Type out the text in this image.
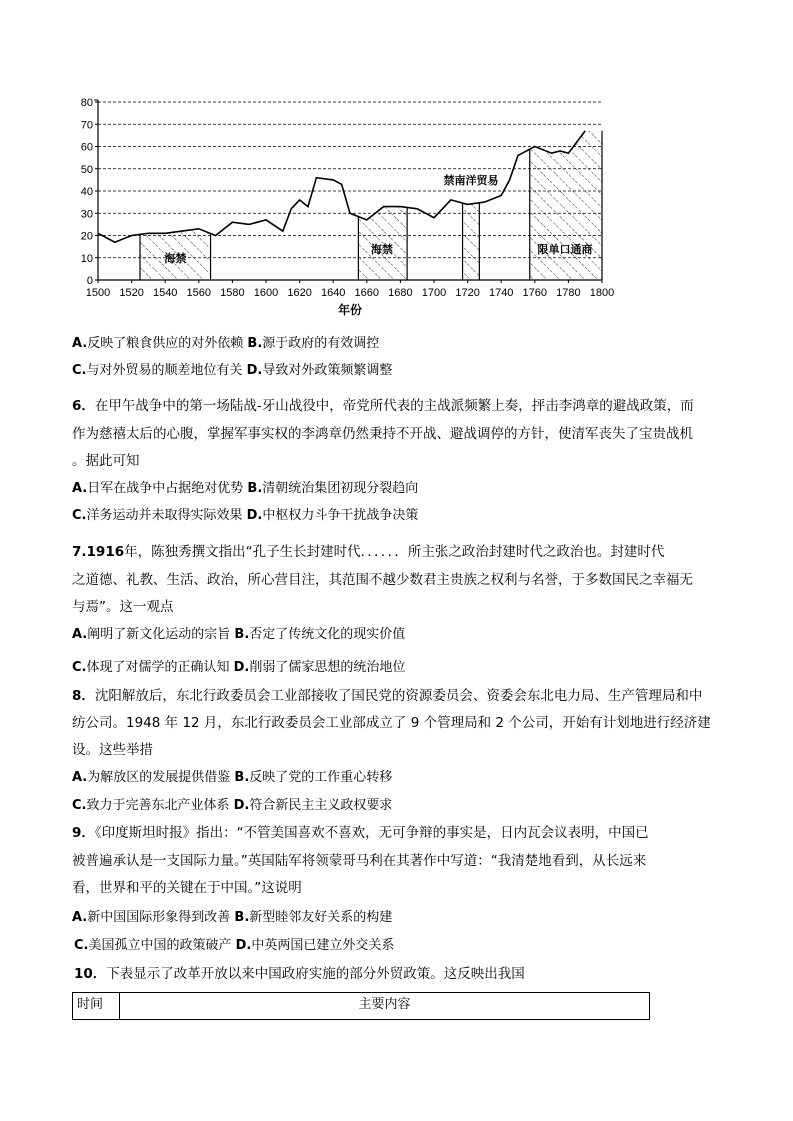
0
10
20
30
40
50
60
70
80
1500 1520 1540 1560 1580 1600 1620 1640 1660 1680 1700 1720 1740 1760 1780 1800
海禁
海禁
禁南洋贸易
限单口通商
年份
A.反映了粮食供应的对外依赖 B.源于政府的有效调控
C.与对外贸易的顺差地位有关 D.导致对外政策频繁调整
6．在甲午战争中的第一场陆战-牙山战役中，帝党所代表的主战派频繁上奏，抨击李鸿章的避战政策，而
作为慈禧太后的心腹，掌握军事实权的李鸿章仍然秉持不开战、避战调停的方针，使清军丧失了宝贵战机
。据此可知
A.日军在战争中占据绝对优势 B.清朝统治集团初现分裂趋向
C.洋务运动并未取得实际效果 D.中枢权力斗争干扰战争决策
7.1916年，陈独秀撰文指出“孔子生长封建时代．．．．．．所主张之政治封建时代之政治也。封建时代
之道德、礼教、生活、政治，所心营目注，其范围不越少数君主贵族之权利与名誉，于多数国民之幸福无
与焉”。这一观点
A.阐明了新文化运动的宗旨 B.否定了传统文化的现实价值
C.体现了对儒学的正确认知 D.削弱了儒家思想的统治地位
8．沈阳解放后，东北行政委员会工业部接收了国民党的资源委员会、资委会东北电力局、生产管理局和中
纺公司。1948 年 12 月，东北行政委员会工业部成立了 9 个管理局和 2 个公司，开始有计划地进行经济建
设。这些举措
A.为解放区的发展提供借鉴 B.反映了党的工作重心转移
C.致力于完善东北产业体系 D.符合新民主主义政权要求
9．《印度斯坦时报》指出：“不管美国喜欢不喜欢，无可争辩的事实是，日内瓦会议表明，中国已
被普遍承认是一支国际力量。”英国陆军将领蒙哥马利在其著作中写道：“我清楚地看到，从长远来
看，世界和平的关键在于中国。”这说明
A.新中国国际形象得到改善 B.新型睦邻友好关系的构建
C.美国孤立中国的政策破产 D.中英两国已建立外交关系
10．下表显示了改革开放以来中国政府实施的部分外贸政策。这反映出我国
时间	主要内容
